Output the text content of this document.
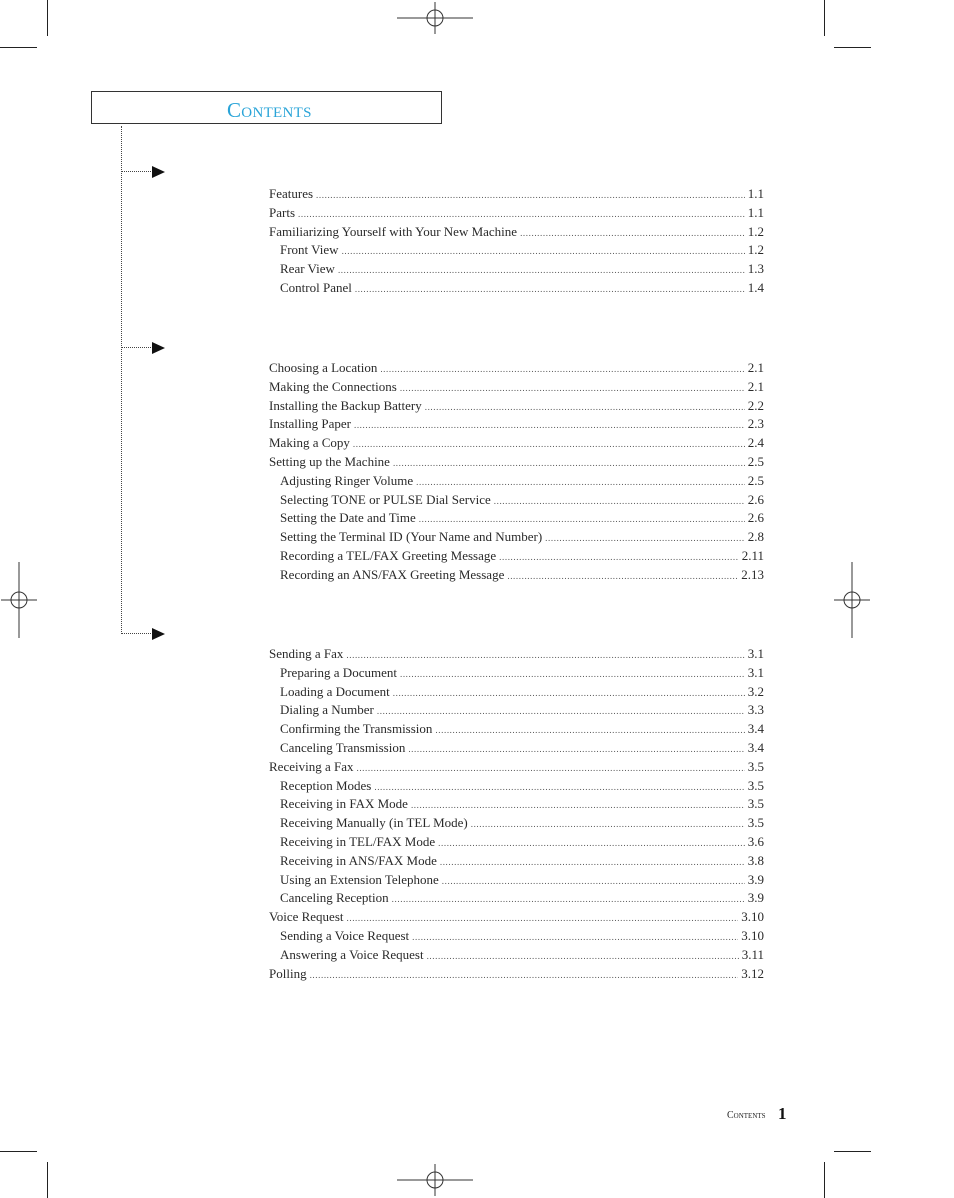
Contents
Features .....	1.1
Parts .....	1.1
Familiarizing Yourself with Your New Machine .....	1.2
Front View .....	1.2
Rear View .....	1.3
Control Panel .....	1.4
Choosing a Location .....	2.1
Making the Connections .....	2.1
Installing the Backup Battery .....	2.2
Installing Paper .....	2.3
Making a Copy .....	2.4
Setting up the Machine .....	2.5
Adjusting Ringer Volume .....	2.5
Selecting TONE or PULSE Dial Service .....	2.6
Setting the Date and Time .....	2.6
Setting the Terminal ID (Your Name and Number) .....	2.8
Recording a TEL/FAX Greeting Message .....	2.11
Recording an ANS/FAX Greeting Message .....	2.13
Sending a Fax .....	3.1
Preparing a Document .....	3.1
Loading a Document .....	3.2
Dialing a Number .....	3.3
Confirming the Transmission .....	3.4
Canceling Transmission .....	3.4
Receiving a Fax .....	3.5
Reception Modes .....	3.5
Receiving in FAX Mode .....	3.5
Receiving Manually (in TEL Mode) .....	3.5
Receiving in TEL/FAX Mode .....	3.6
Receiving in ANS/FAX Mode .....	3.8
Using an Extension Telephone .....	3.9
Canceling Reception .....	3.9
Voice Request .....	3.10
Sending a Voice Request .....	3.10
Answering a Voice Request .....	3.11
Polling .....	3.12
Contents 1
